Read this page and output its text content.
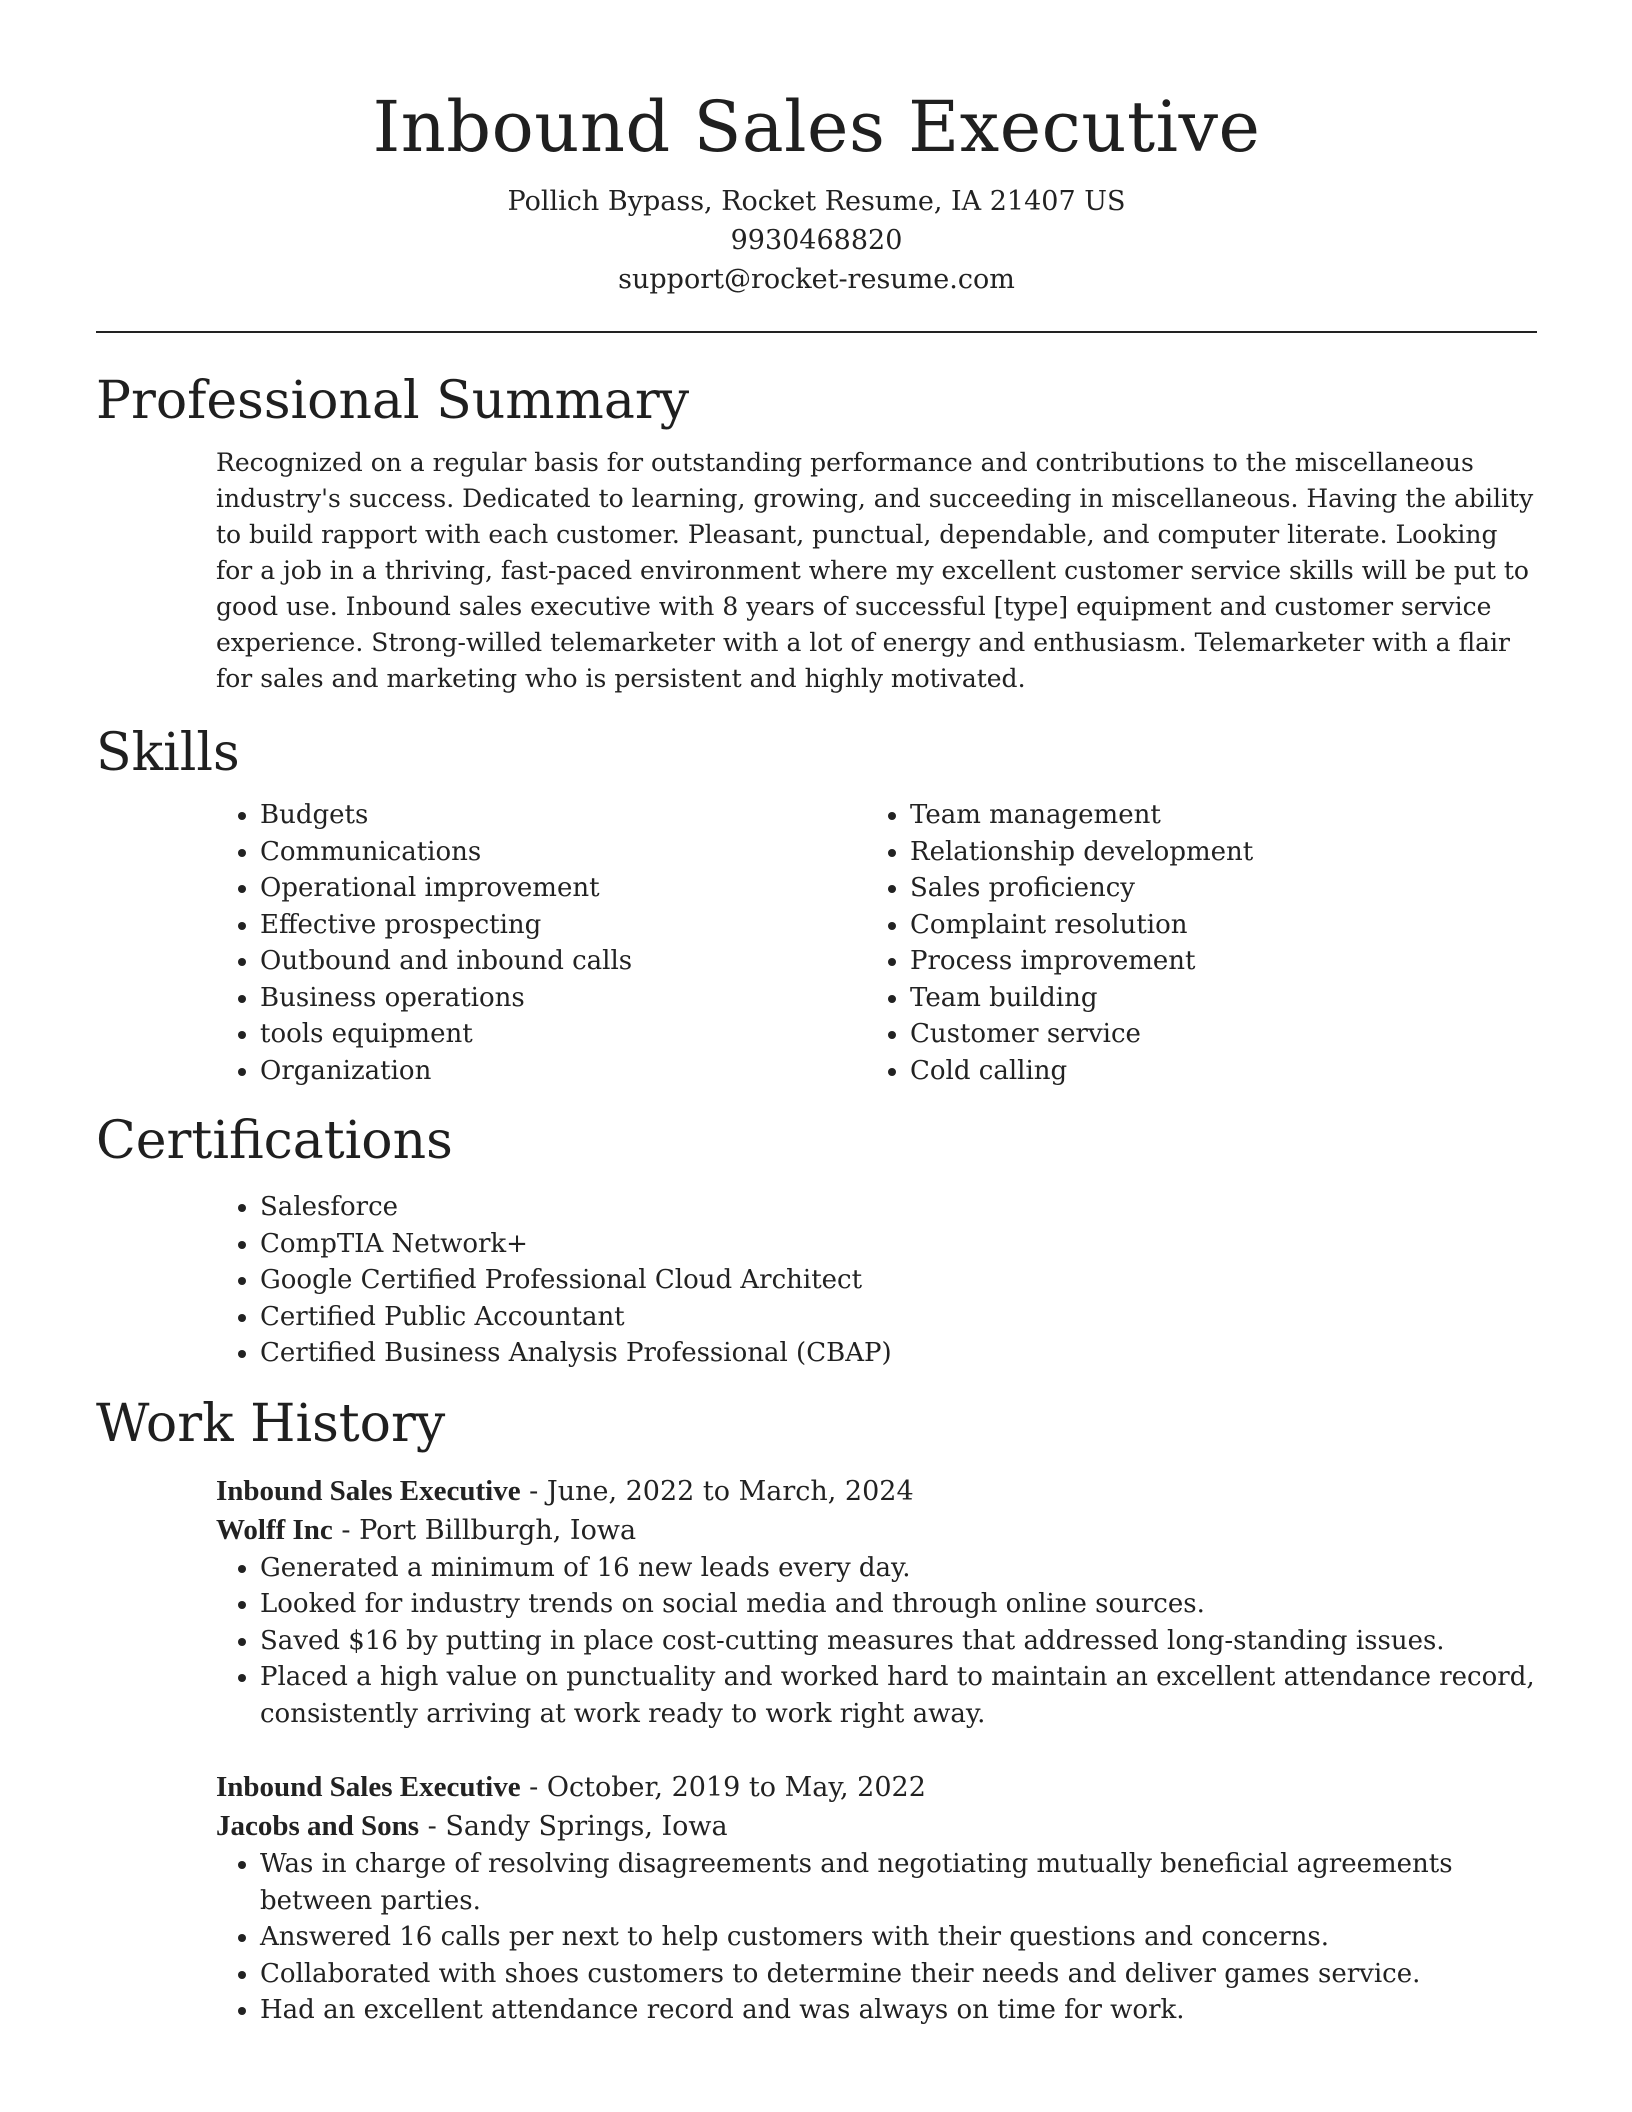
Inbound Sales Executive
Pollich Bypass, Rocket Resume, IA 21407 US
9930468820
support@rocket-resume.com
Professional Summary

Recognized on a regular basis for outstanding performance and contributions to the miscellaneous industry's success. Dedicated to learning, growing, and succeeding in miscellaneous. Having the ability to build rapport with each customer. Pleasant, punctual, dependable, and computer literate. Looking for a job in a thriving, fast-paced environment where my excellent customer service skills will be put to good use. Inbound sales executive with 8 years of successful [type] equipment and customer service experience. Strong-willed telemarketer with a lot of energy and enthusiasm. Telemarketer with a flair for sales and marketing who is persistent and highly motivated.

Skills
• Budgets
• Communications
• Operational improvement
• Effective prospecting
• Outbound and inbound calls
• Business operations
• tools equipment
• Organization
• Team management
• Relationship development
• Sales proficiency
• Complaint resolution
• Process improvement
• Team building
• Customer service
• Cold calling
Certifications
• Salesforce
• CompTIA Network+
• Google Certified Professional Cloud Architect
• Certified Public Accountant
• Certified Business Analysis Professional (CBAP)
Work History
Inbound Sales Executive - June, 2022 to March, 2024
Wolff Inc - Port Billburgh, Iowa
• Generated a minimum of 16 new leads every day.
• Looked for industry trends on social media and through online sources.
• Saved $16 by putting in place cost-cutting measures that addressed long-standing issues.
• Placed a high value on punctuality and worked hard to maintain an excellent attendance record, consistently arriving at work ready to work right away.
Inbound Sales Executive - October, 2019 to May, 2022
Jacobs and Sons - Sandy Springs, Iowa
• Was in charge of resolving disagreements and negotiating mutually beneficial agreements between parties.
• Answered 16 calls per next to help customers with their questions and concerns.
• Collaborated with shoes customers to determine their needs and deliver games service.
• Had an excellent attendance record and was always on time for work.
